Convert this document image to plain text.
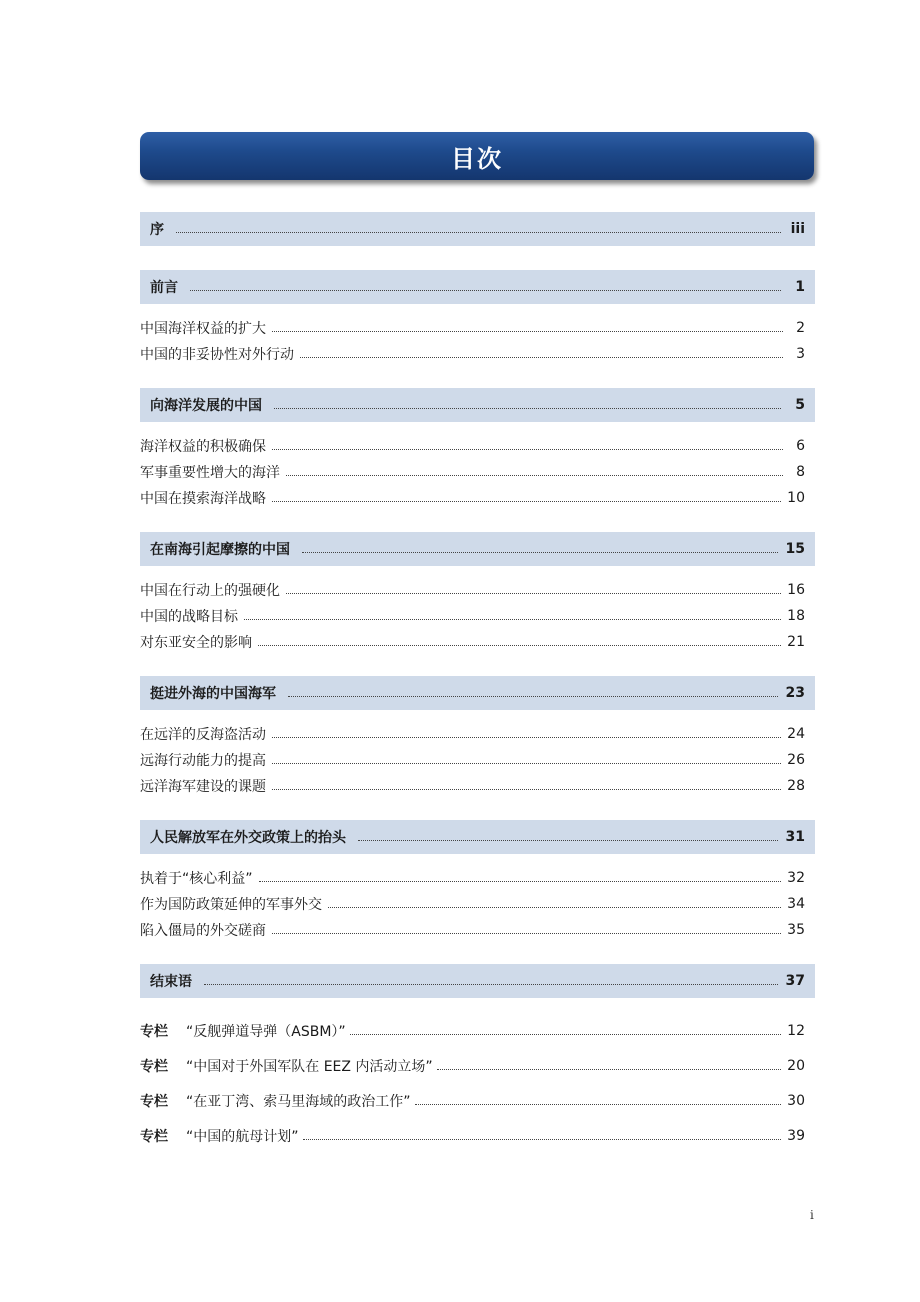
目次
序	iii
前言	1
中国海洋权益的扩大	2
中国的非妥协性对外行动	3
向海洋发展的中国	5
海洋权益的积极确保	6
军事重要性增大的海洋	8
中国在摸索海洋战略	10
在南海引起摩擦的中国	15
中国在行动上的强硬化	16
中国的战略目标	18
对东亚安全的影响	21
挺进外海的中国海军	23
在远洋的反海盗活动	24
远海行动能力的提高	26
远洋海军建设的课题	28
人民解放军在外交政策上的抬头	31
执着于“核心利益”	32
作为国防政策延伸的军事外交	34
陷入僵局的外交磋商	35
结束语	37
专栏 “反舰弹道导弹（ASBM）”	12
专栏 “中国对于外国军队在 EEZ 内活动立场”	20
专栏 “在亚丁湾、索马里海域的政治工作”	30
专栏 “中国的航母计划”	39
i
